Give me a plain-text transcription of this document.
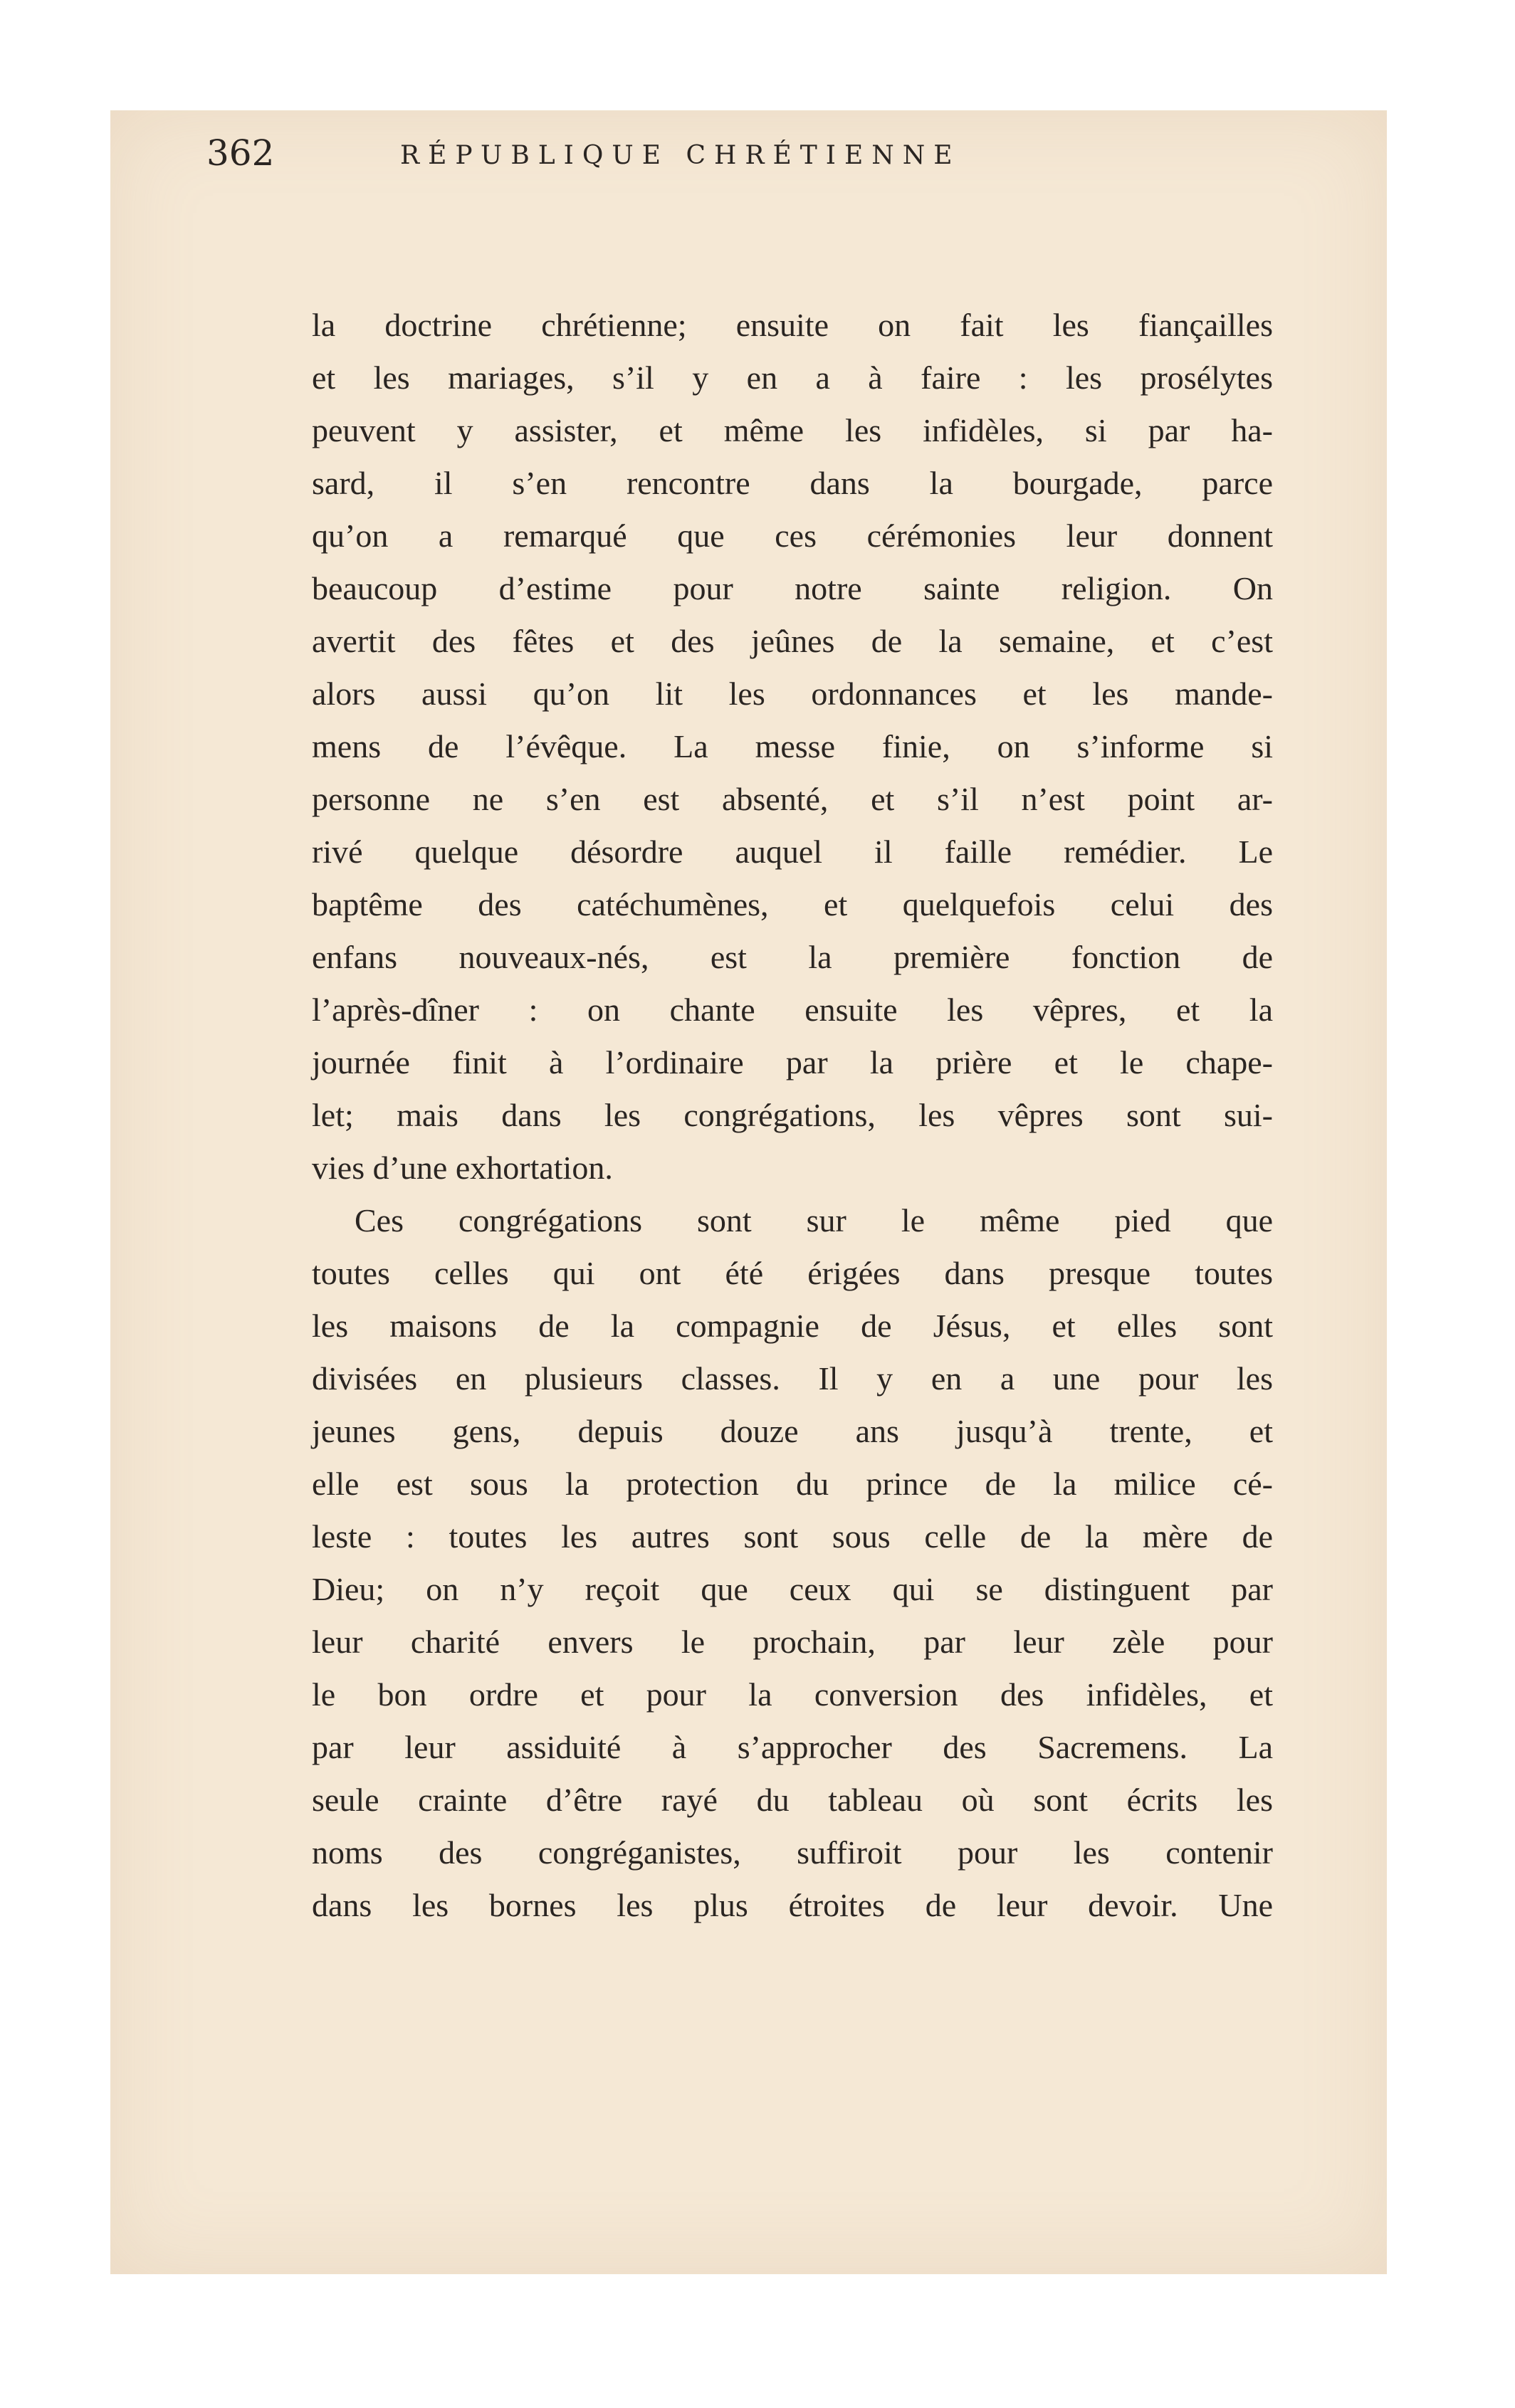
362	RÉPUBLIQUE CHRÉTIENNE
la doctrine chrétienne; ensuite on fait les fiançailles
et les mariages, s’il y en a à faire : les prosélytes
peuvent y assister, et même les infidèles, si par ha-
sard, il s’en rencontre dans la bourgade, parce
qu’on a remarqué que ces cérémonies leur donnent
beaucoup d’estime pour notre sainte religion. On
avertit des fêtes et des jeûnes de la semaine, et c’est
alors aussi qu’on lit les ordonnances et les mande-
mens de l’évêque. La messe finie, on s’informe si
personne ne s’en est absenté, et s’il n’est point ar-
rivé quelque désordre auquel il faille remédier. Le
baptême des catéchumènes, et quelquefois celui des
enfans nouveaux-nés, est la première fonction de
l’après-dîner : on chante ensuite les vêpres, et la
journée finit à l’ordinaire par la prière et le chape-
let; mais dans les congrégations, les vêpres sont sui-
vies d’une exhortation.
Ces congrégations sont sur le même pied que
toutes celles qui ont été érigées dans presque toutes
les maisons de la compagnie de Jésus, et elles sont
divisées en plusieurs classes. Il y en a une pour les
jeunes gens, depuis douze ans jusqu’à trente, et
elle est sous la protection du prince de la milice cé-
leste : toutes les autres sont sous celle de la mère de
Dieu; on n’y reçoit que ceux qui se distinguent par
leur charité envers le prochain, par leur zèle pour
le bon ordre et pour la conversion des infidèles, et
par leur assiduité à s’approcher des Sacremens. La
seule crainte d’être rayé du tableau où sont écrits les
noms des congréganistes, suffiroit pour les contenir
dans les bornes les plus étroites de leur devoir. Une
